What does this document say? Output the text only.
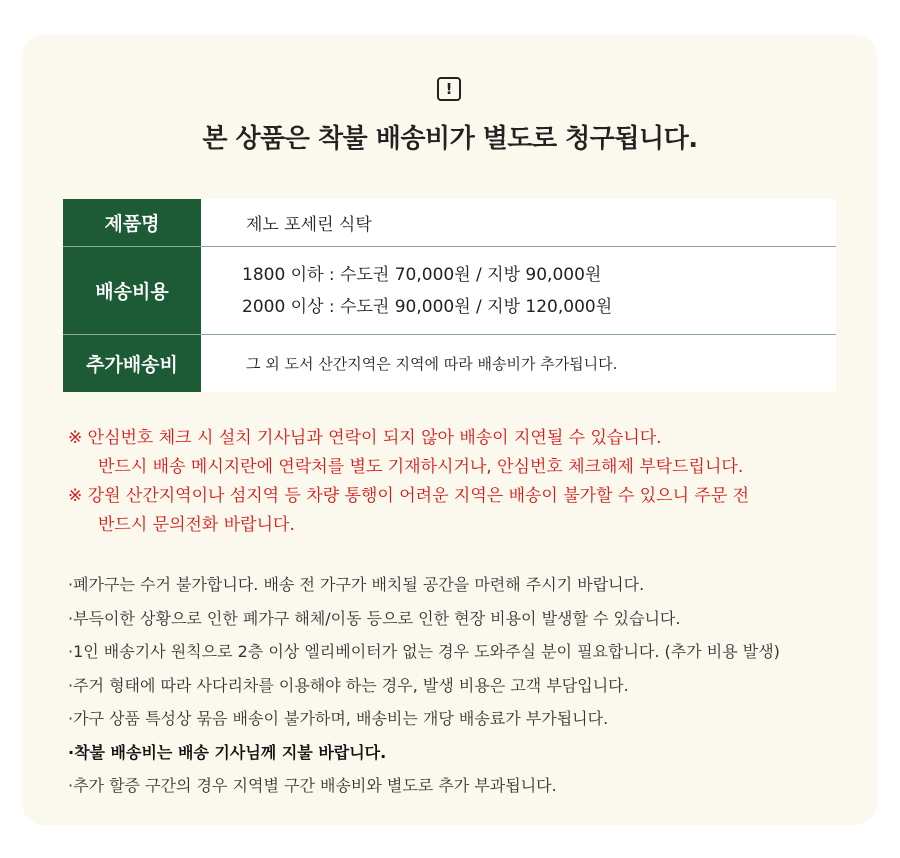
!
본 상품은 착불 배송비가 별도로 청구됩니다.
제품명	제노 포세린 식탁
배송비용
1800 이하 : 수도권 70,000원 / 지방 90,000원
2000 이상 : 수도권 90,000원 / 지방 120,000원
추가배송비	그 외 도서 산간지역은 지역에 따라 배송비가 추가됩니다.
※ 안심번호 체크 시 설치 기사님과 연락이 되지 않아 배송이 지연될 수 있습니다.
반드시 배송 메시지란에 연락처를 별도 기재하시거나, 안심번호 체크해제 부탁드립니다.
※ 강원 산간지역이나 섬지역 등 차량 통행이 어려운 지역은 배송이 불가할 수 있으니 주문 전
반드시 문의전화 바랍니다.
·폐가구는 수거 불가합니다. 배송 전 가구가 배치될 공간을 마련해 주시기 바랍니다.
·부득이한 상황으로 인한 폐가구 해체/이동 등으로 인한 현장 비용이 발생할 수 있습니다.
·1인 배송기사 원칙으로 2층 이상 엘리베이터가 없는 경우 도와주실 분이 필요합니다. (추가 비용 발생)
·주거 형태에 따라 사다리차를 이용해야 하는 경우, 발생 비용은 고객 부담입니다.
·가구 상품 특성상 묶음 배송이 불가하며, 배송비는 개당 배송료가 부가됩니다.
·착불 배송비는 배송 기사님께 지불 바랍니다.
·추가 할증 구간의 경우 지역별 구간 배송비와 별도로 추가 부과됩니다.
